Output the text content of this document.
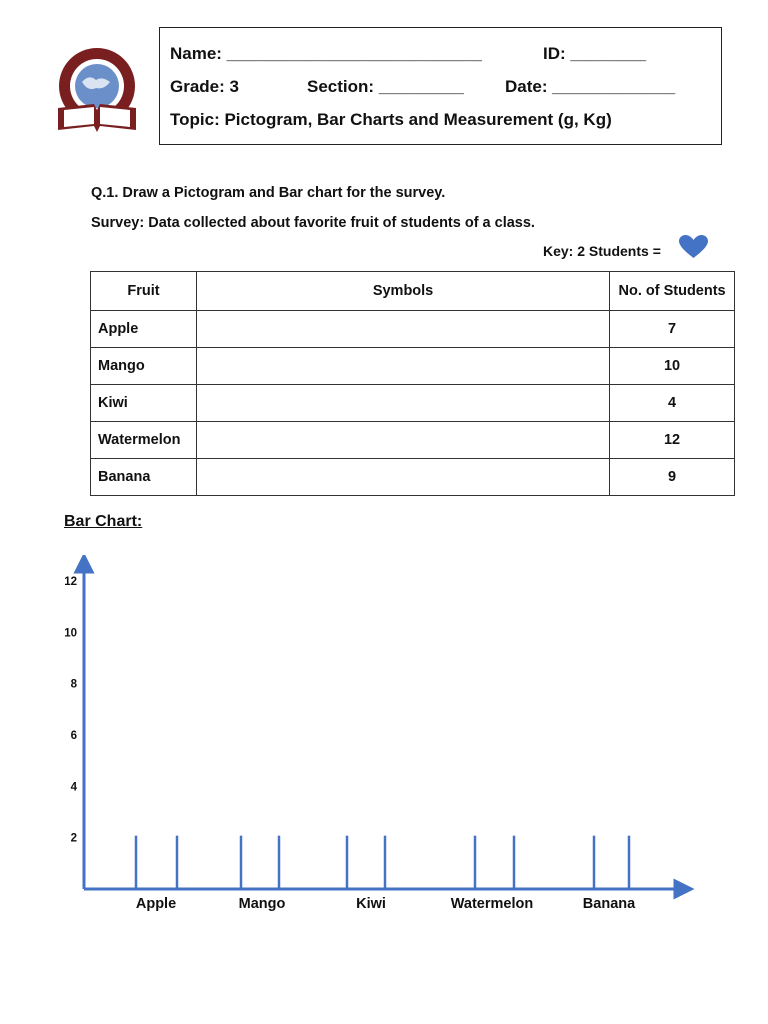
Name: ___________________________	ID: ________
Grade: 3	Section: _________ Date: _____________
Topic: Pictogram, Bar Charts and Measurement (g, Kg)
Q.1. Draw a Pictogram and Bar chart for the survey.
Survey: Data collected about favorite fruit of students of a class.
Key: 2 Students =
Fruit	Symbols	No. of Students
Apple		7
Mango		10
Kiwi		4
Watermelon		12
Banana		9
Bar Chart:
2
4
6
8
10
12
Apple	Mango	Kiwi	Watermelon	Banana
